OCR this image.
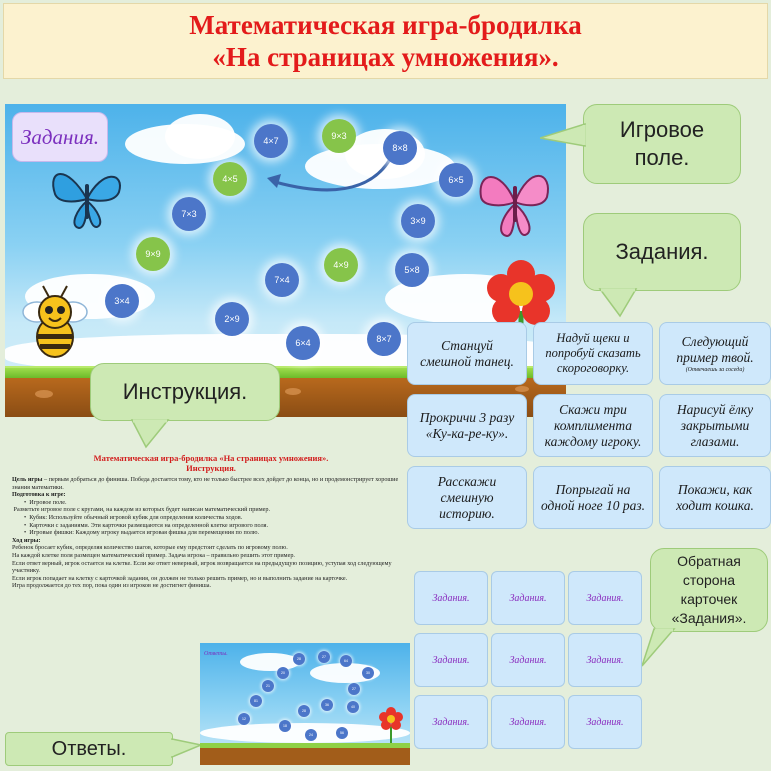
Математическая игра-бродилка
«На страницах умножения».
4×7	9×3
8×8
4×5	6×5
7×3
3×9
9×9
4×9	5×8
7×4
3×4
2×9
6×4	8×7
Задания.	Игровое поле.
Задания.
Инструкция.
Обратная сторона карточек «Задания».
Ответы.
Станцуй смешной танец.
Надуй щеки и попробуй сказать скороговорку.
Следующий пример твой.
(Отвечаешь за соседа)
Прокричи 3 разу «Ку-ка-ре-ку».
Скажи три комплимента каждому игроку.
Нарисуй ёлку закрытыми глазами.
Расскажи смешную историю.
Попрыгай на одной ноге 10 раз.
Покажи, как ходит кошка.
Задания.	Задания.	Задания.
Задания.	Задания.	Задания.
Задания.	Задания.	Задания.
Математическая игра-бродилка «На страницах умножения».
Инструкция.
Цель игры – первым добраться до финиша. Победа достается тому, кто не только быстрее всех дойдет до конца, но и продемонстрирует хорошие знания математики.
Подготовка к игре:
•  Игровое поле.
Разметьте игровое поле с кругами, на каждом из которых будет написан математический пример.
•  Кубик: Используйте обычный игровой кубик для определения количества ходов.
•  Карточки с заданиями. Эти карточки размещаются на определенной клетке игрового поля.
•  Игровые фишки: Каждому игроку выдается игровая фишка для перемещения по полю.
Ход игры:
Ребенок бросает кубик, определяя количество шагов, которые ему предстоит сделать по игровому полю.
На каждой клетке поля размещен математический пример. Задача игрока – правильно решить этот пример.
Если ответ верный, игрок остается на клетке. Если же ответ неверный, игрок возвращается на предыдущую позицию, уступая ход следующему участнику.
Если игрок попадает на клетку с карточкой задания, он должен не только решить пример, но и выполнить задание на карточке.
Игра продолжается до тех пор, пока один из игроков не достигнет финиша.
Ответы.
28	27
64
20	30
21
27
81
36	40
28
12
18
24	56
